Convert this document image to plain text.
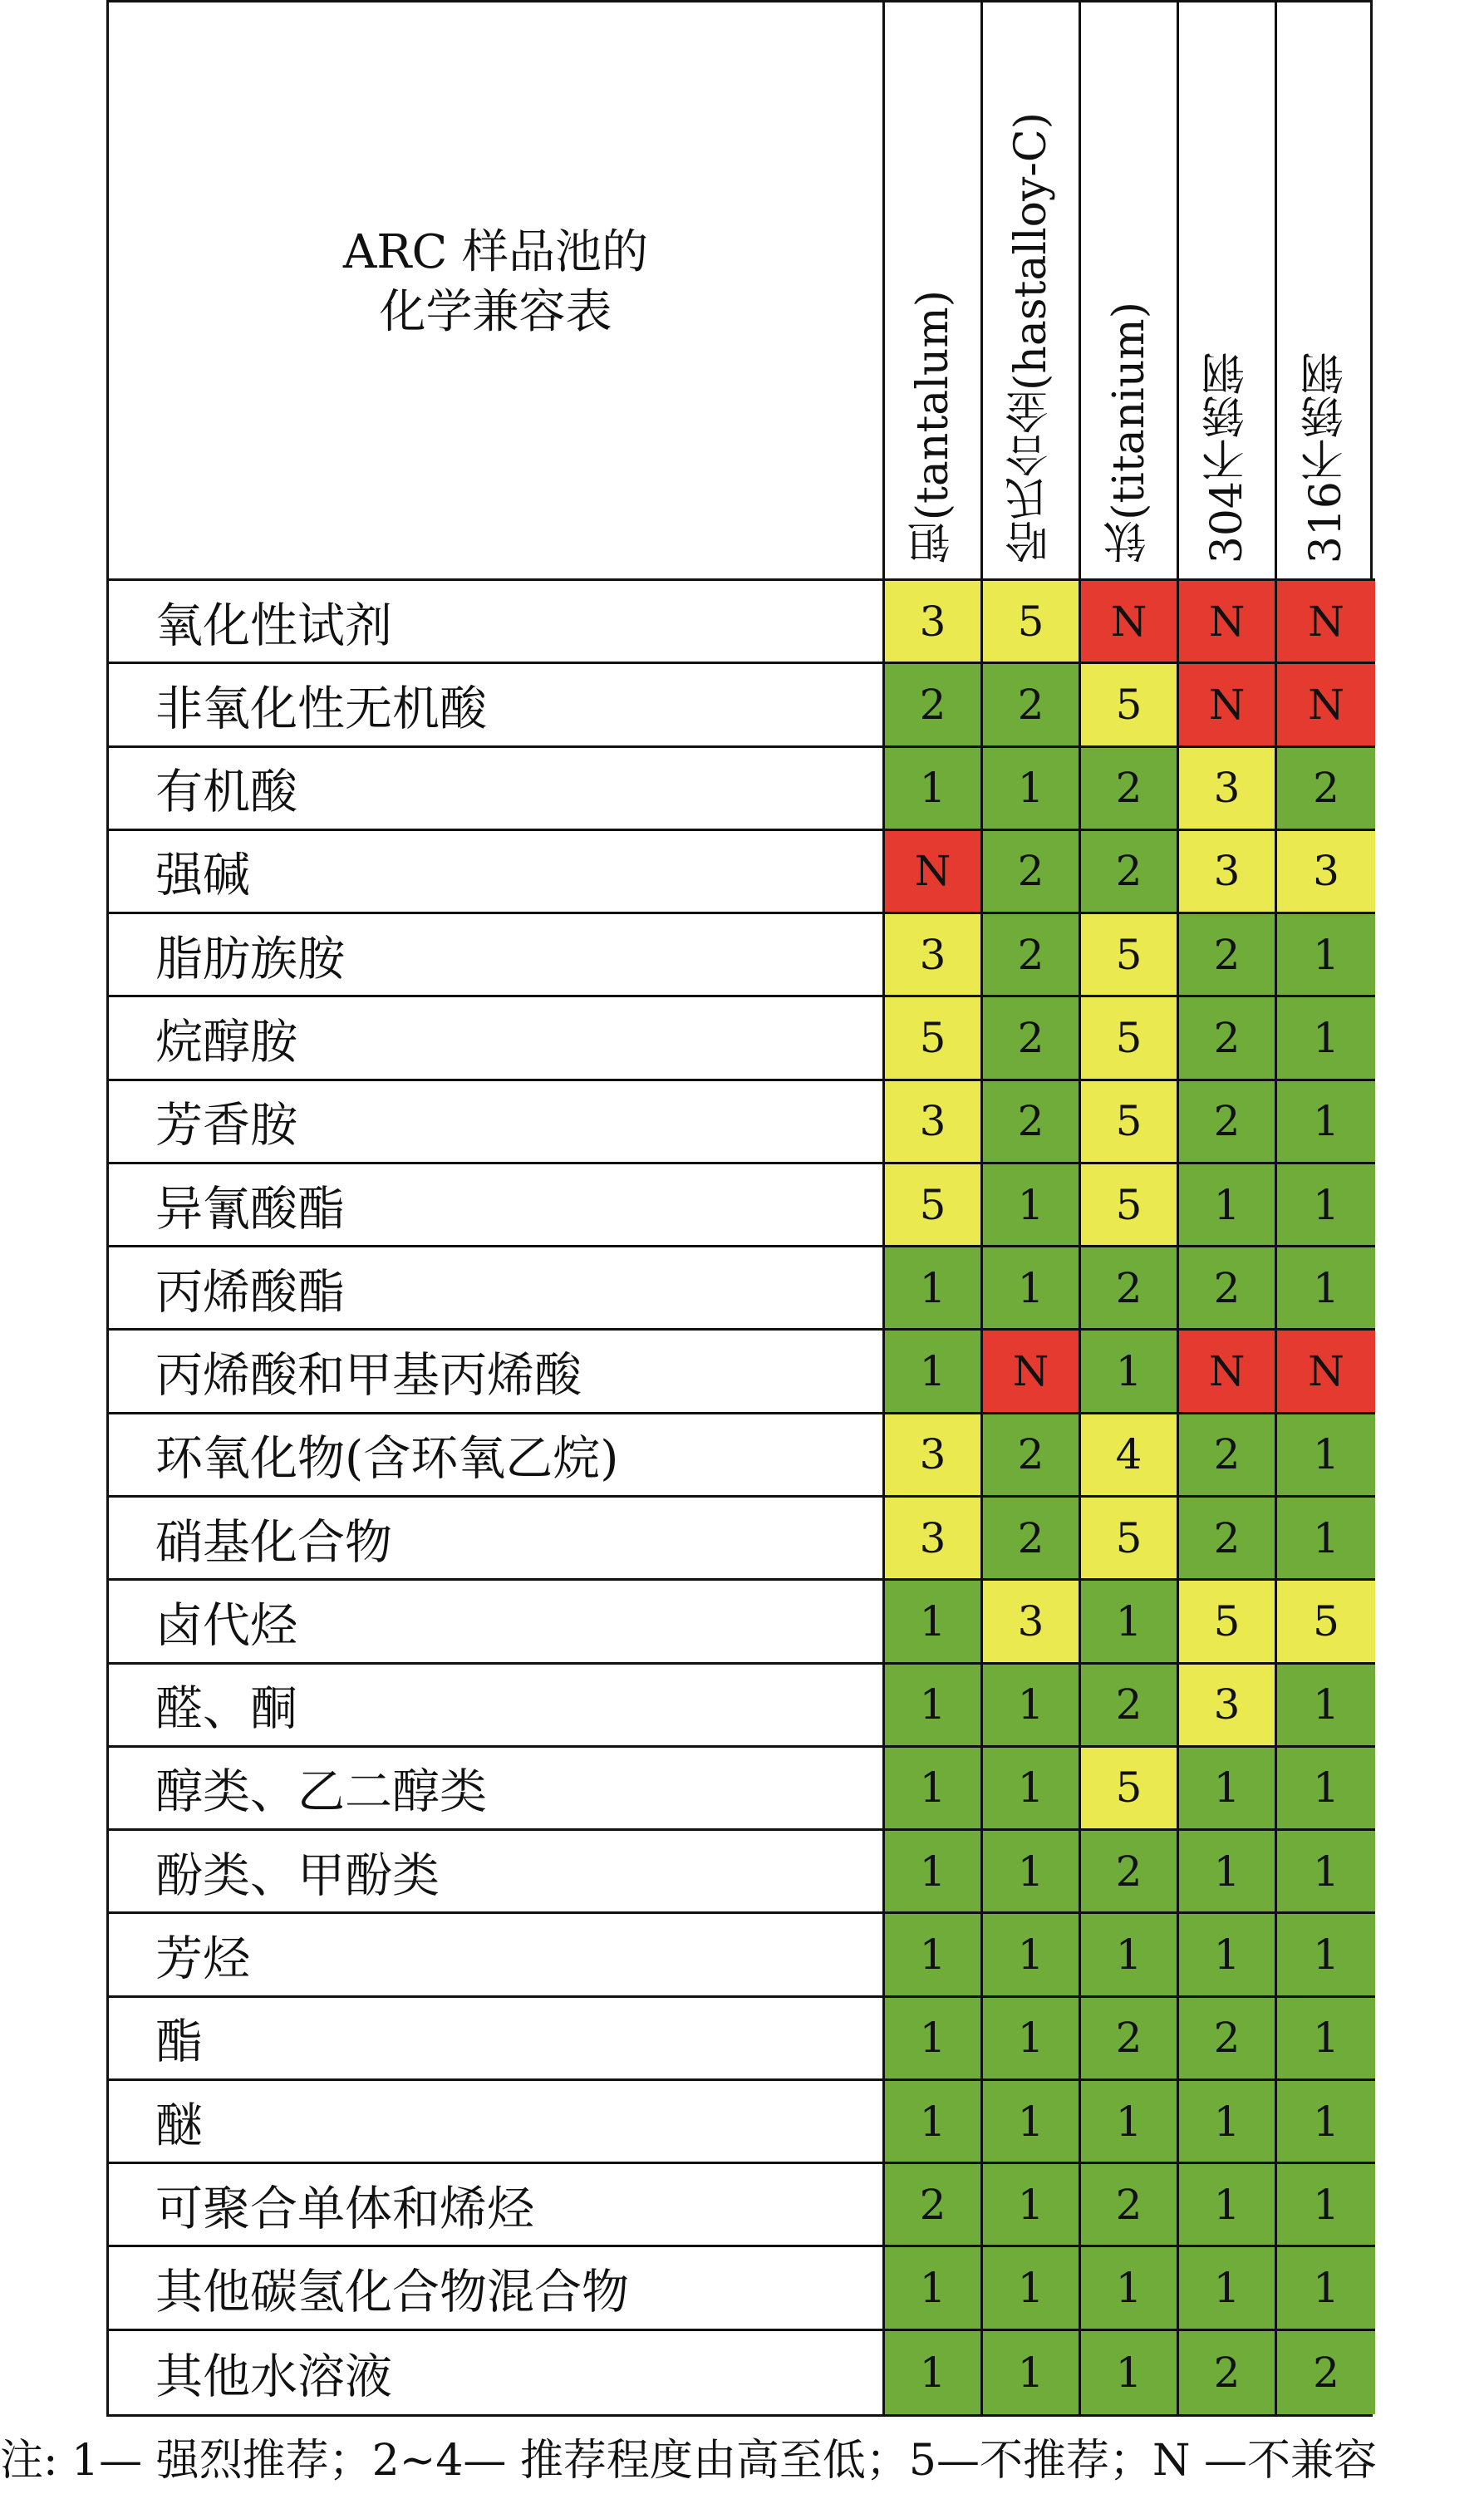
ARC 样品池的
化学兼容表	钽(tantalum) 哈氏合金(hastalloy-C) 钛(titanium) 304不锈钢 316不锈钢
氧化性试剂	3	5	N	N	N
非氧化性无机酸	2	2	5	N	N
有机酸	1	1	2	3	2
强碱	N	2	2	3	3
脂肪族胺	3	2	5	2	1
烷醇胺	5	2	5	2	1
芳香胺	3	2	5	2	1
异氰酸酯	5	1	5	1	1
丙烯酸酯	1	1	2	2	1
丙烯酸和甲基丙烯酸	1	N	1	N	N
环氧化物(含环氧乙烷)	3	2	4	2	1
硝基化合物	3	2	5	2	1
卤代烃	1	3	1	5	5
醛、酮	1	1	2	3	1
醇类、乙二醇类	1	1	5	1	1
酚类、甲酚类	1	1	2	1	1
芳烃	1	1	1	1	1
酯	1	1	2	2	1
醚	1	1	1	1	1
可聚合单体和烯烃	2	1	2	1	1
其他碳氢化合物混合物	1	1	1	1	1
其他水溶液	1	1	1	2	2
注: 1— 强烈推荐；2~4— 推荐程度由高至低；5—不推荐；N —不兼容
